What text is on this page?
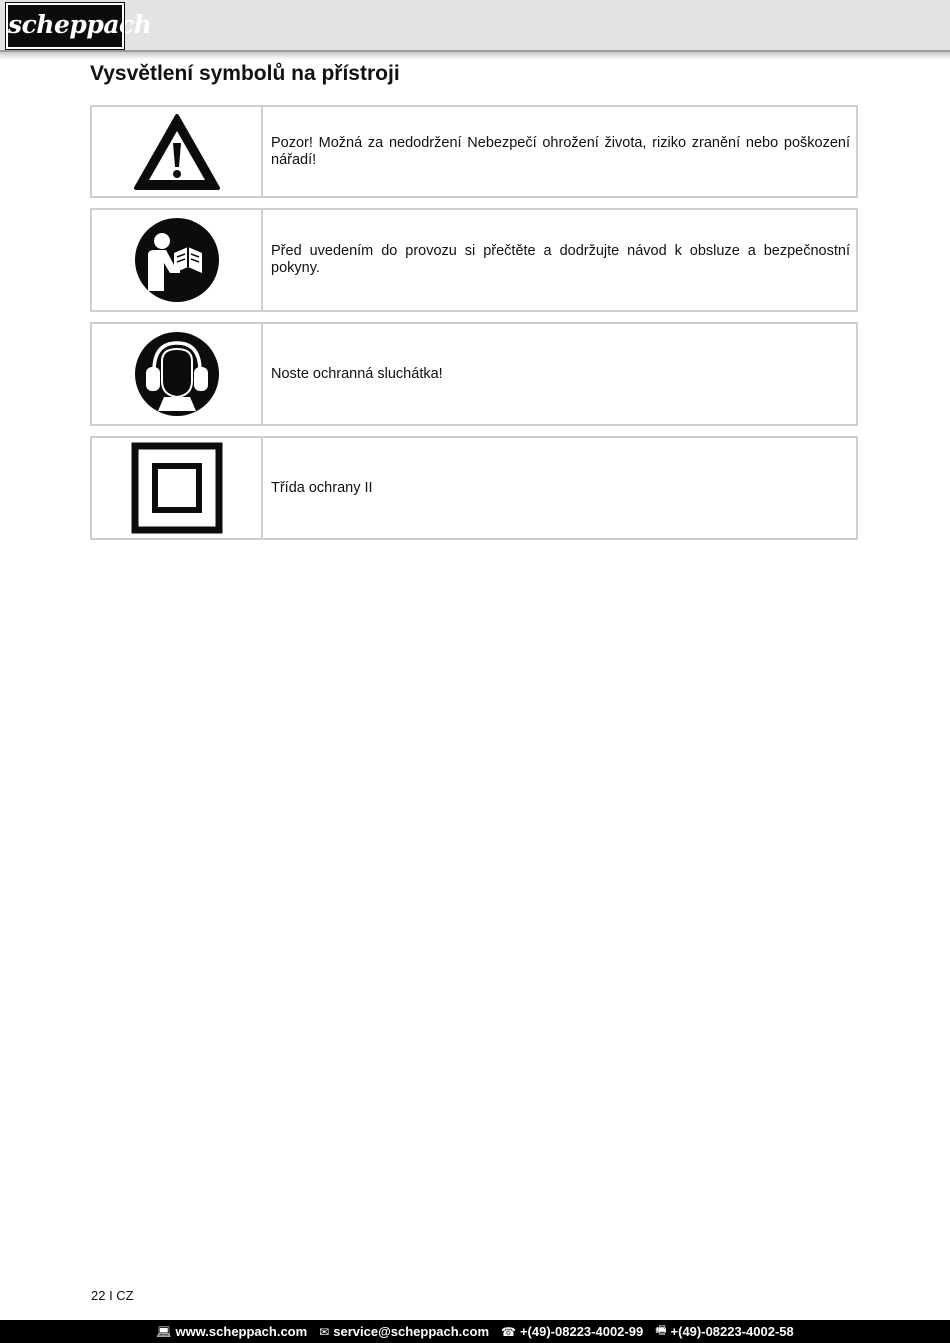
scheppach
Vysvětlení symbolů na přístroji
Pozor! Možná za nedodržení Nebezpečí ohrožení života, riziko zranění nebo poškození nářadí!
Před uvedením do provozu si přečtěte a dodržujte návod k obsluze a bezpečnostní pokyny.
Noste ochranná sluchátka!
Třída ochrany II
22 I CZ
💻︎ www.scheppach.com ✉︎ service@scheppach.com ☎︎ +(49)-08223-4002-99 🖷︎ +(49)-08223-4002-58
